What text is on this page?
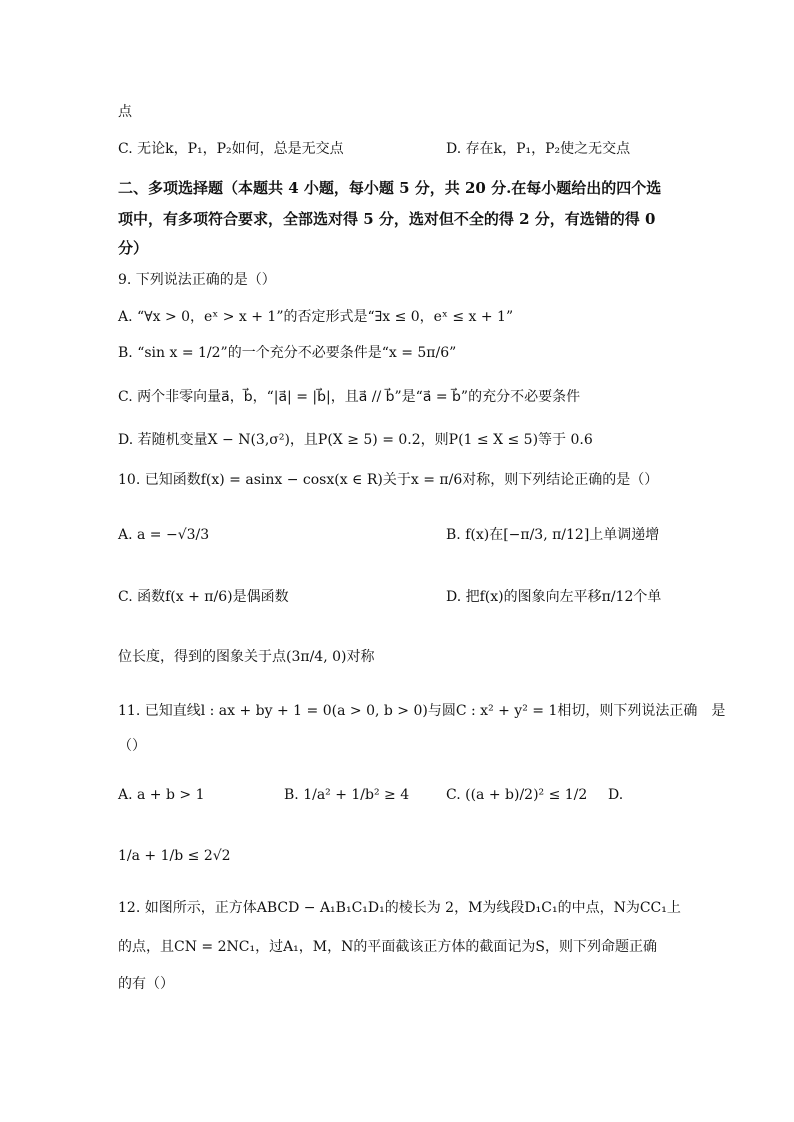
点
C. 无论k，P₁，P₂如何，总是无交点	D. 存在k，P₁，P₂使之无交点
二、多项选择题（本题共 4 小题，每小题 5 分，共 20 分.在每小题给出的四个选
项中，有多项符合要求，全部选对得 5 分，选对但不全的得 2 分，有选错的得 0
分）
9. 下列说法正确的是（）
A. “∀x > 0，eˣ > x + 1”的否定形式是“∃x ≤ 0，eˣ ≤ x + 1”
B. “sin x = 1/2”的一个充分不必要条件是“x = 5π/6”
C. 两个非零向量a⃗，b⃗，“|a⃗| = |b⃗|，且a⃗ // b⃗”是“a⃗ = b⃗”的充分不必要条件
D. 若随机变量X − N(3,σ²)，且P(X ≥ 5) = 0.2，则P(1 ≤ X ≤ 5)等于 0.6
10. 已知函数f(x) = asinx − cosx(x ∈ R)关于x = π/6对称，则下列结论正确的是（）
A. a = −√3/3	B. f(x)在[−π/3, π/12]上单调递增
C. 函数f(x + π/6)是偶函数	D. 把f(x)的图象向左平移π/12个单
位长度，得到的图象关于点(3π/4, 0)对称
11. 已知直线l : ax + by + 1 = 0(a > 0, b > 0)与圆C : x² + y² = 1相切，则下列说法正确　是
（）
A. a + b > 1	B. 1/a² + 1/b² ≥ 4	C. ((a + b)/2)² ≤ 1/2 D.
1/a + 1/b ≤ 2√2
12. 如图所示，正方体ABCD − A₁B₁C₁D₁的棱长为 2，M为线段D₁C₁的中点，N为CC₁上
的点，且CN = 2NC₁，过A₁，M，N的平面截该正方体的截面记为S，则下列命题正确
的有（）
